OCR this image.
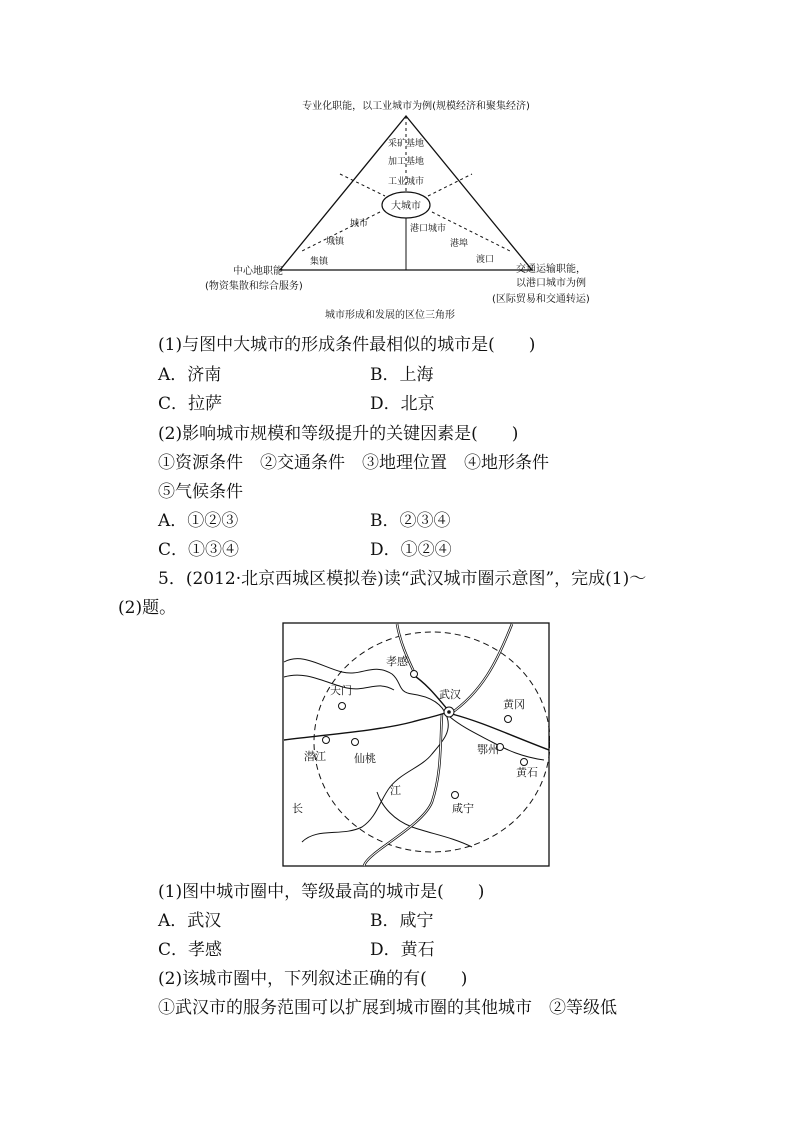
专业化职能，以工业城市为例(规模经济和聚集经济)
大城市
采矿基地
加工基地
工业城市
城市
城镇
集镇
港口城市
港埠
渡口
中心地职能
(物资集散和综合服务)
交通运输职能，
以港口城市为例
(区际贸易和交通转运)
城市形成和发展的区位三角形
(1)与图中大城市的形成条件最相似的城市是(　　)
A．济南	B．上海
C．拉萨	D．北京
(2)影响城市规模和等级提升的关键因素是(　　)
①资源条件　②交通条件　③地理位置　④地形条件
⑤气候条件
A．①②③	B．②③④
C．①③④	D．①②④
5．(2012·北京西城区模拟卷)读“武汉城市圈示意图”，完成(1)～
(2)题。
孝感
天门	武汉
黄冈
潜江	仙桃
鄂州
黄石
咸宁
江
长
(1)图中城市圈中，等级最高的城市是(　　)
A．武汉	B．咸宁
C．孝感	D．黄石
(2)该城市圈中，下列叙述正确的有(　　)
①武汉市的服务范围可以扩展到城市圈的其他城市　②等级低
